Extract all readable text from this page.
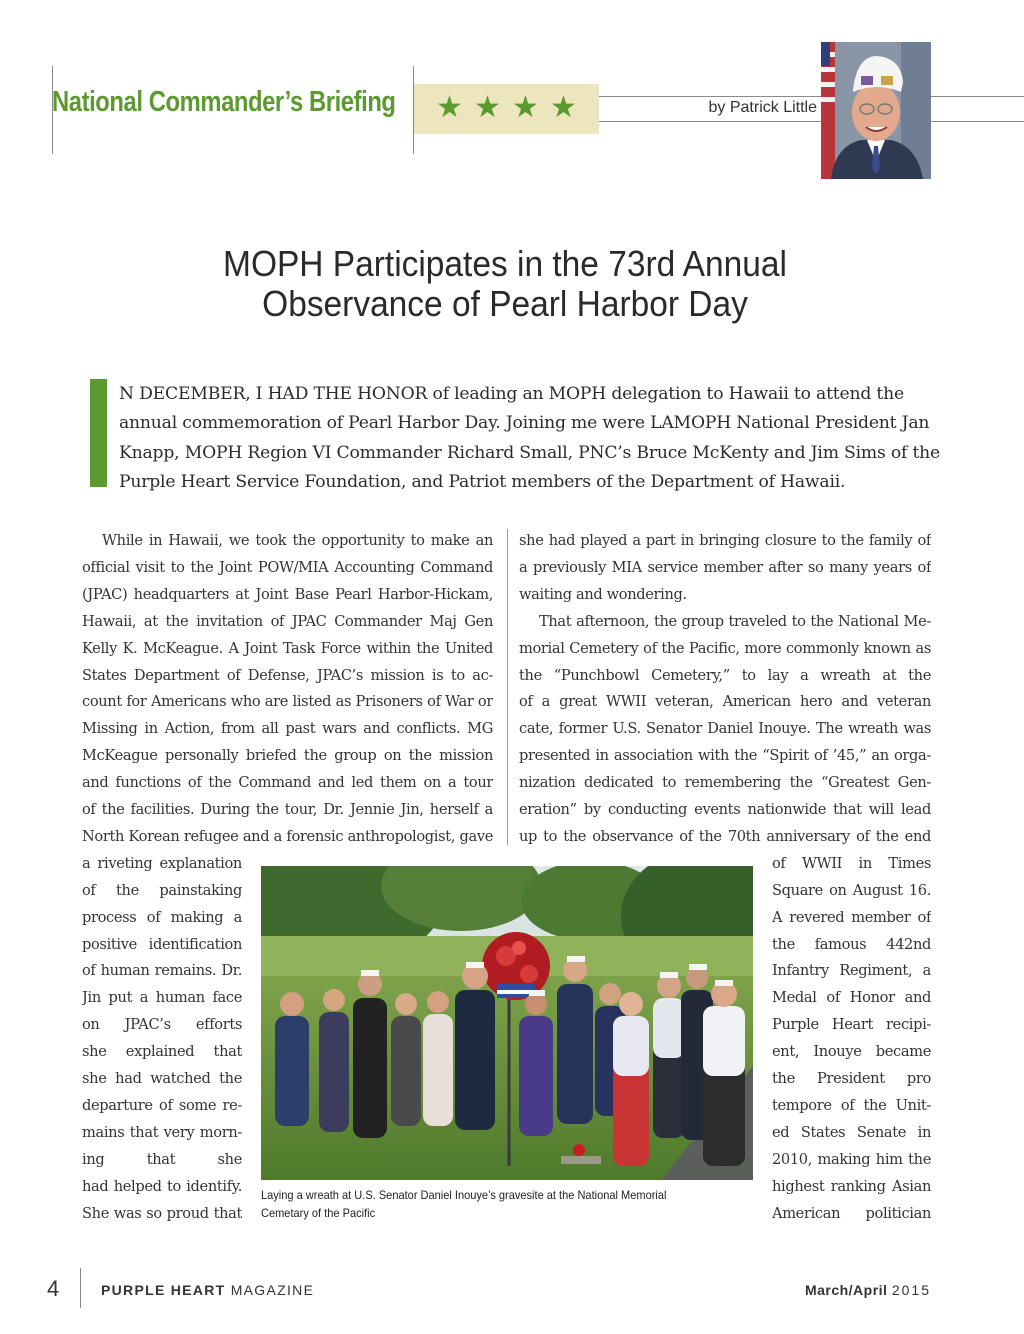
National Commander’s Briefing ★ ★ ★ ★	by Patrick Little
MOPH Participates in the 73rd Annual
Observance of Pearl Harbor Day

N DECEMBER, I HAD THE HONOR of leading an MOPH delegation to Hawaii to attend the

annual commemoration of Pearl Harbor Day. Joining me were LAMOPH National President Jan

Knapp, MOPH Region VI Commander Richard Small, PNC’s Bruce McKenty and Jim Sims of the

Purple Heart Service Foundation, and Patriot members of the Department of Hawaii.

While in Hawaii, we took the opportunity to make an
official visit to the Joint POW/MIA Accounting Command
(JPAC) headquarters at Joint Base Pearl Harbor-Hickam,
Hawaii, at the invitation of JPAC Commander Maj Gen
Kelly K. McKeague. A Joint Task Force within the United
States Department of Defense, JPAC’s mission is to ac-
count for Americans who are listed as Prisoners of War or
Missing in Action, from all past wars and conflicts. MG
McKeague personally briefed the group on the mission
and functions of the Command and led them on a tour
of the facilities. During the tour, Dr. Jennie Jin, herself a
North Korean refugee and a forensic anthropologist, gave
a riveting explanation
of the painstaking
process of making a
positive identification
of human remains. Dr.
Jin put a human face
on JPAC’s efforts
she explained that
she had watched the
departure of some re-
mains that very morn-
ing that she
had helped to identify.
She was so proud that
she had played a part in bringing closure to the family of
a previously MIA service member after so many years of
waiting and wondering.
That afternoon, the group traveled to the National Me-
morial Cemetery of the Pacific, more commonly known as
the “Punchbowl Cemetery,” to lay a wreath at the
of a great WWII veteran, American hero and veteran
cate, former U.S. Senator Daniel Inouye. The wreath was
presented in association with the “Spirit of ’45,” an orga-
nization dedicated to remembering the “Greatest Gen-
eration” by conducting events nationwide that will lead
up to the observance of the 70th anniversary of the end
of WWII in Times
Square on August 16.
A revered member of
the famous 442nd
Infantry Regiment, a
Medal of Honor and
Purple Heart recipi-
ent, Inouye became
the President pro
tempore of the Unit-
ed States Senate in
2010, making him the
highest ranking Asian
American politician

Laying a wreath at U.S. Senator Daniel Inouye’s gravesite at the National Memorial

Cemetary of the Pacific

4	PURPLE HEART MAGAZINE	March/April 2015
